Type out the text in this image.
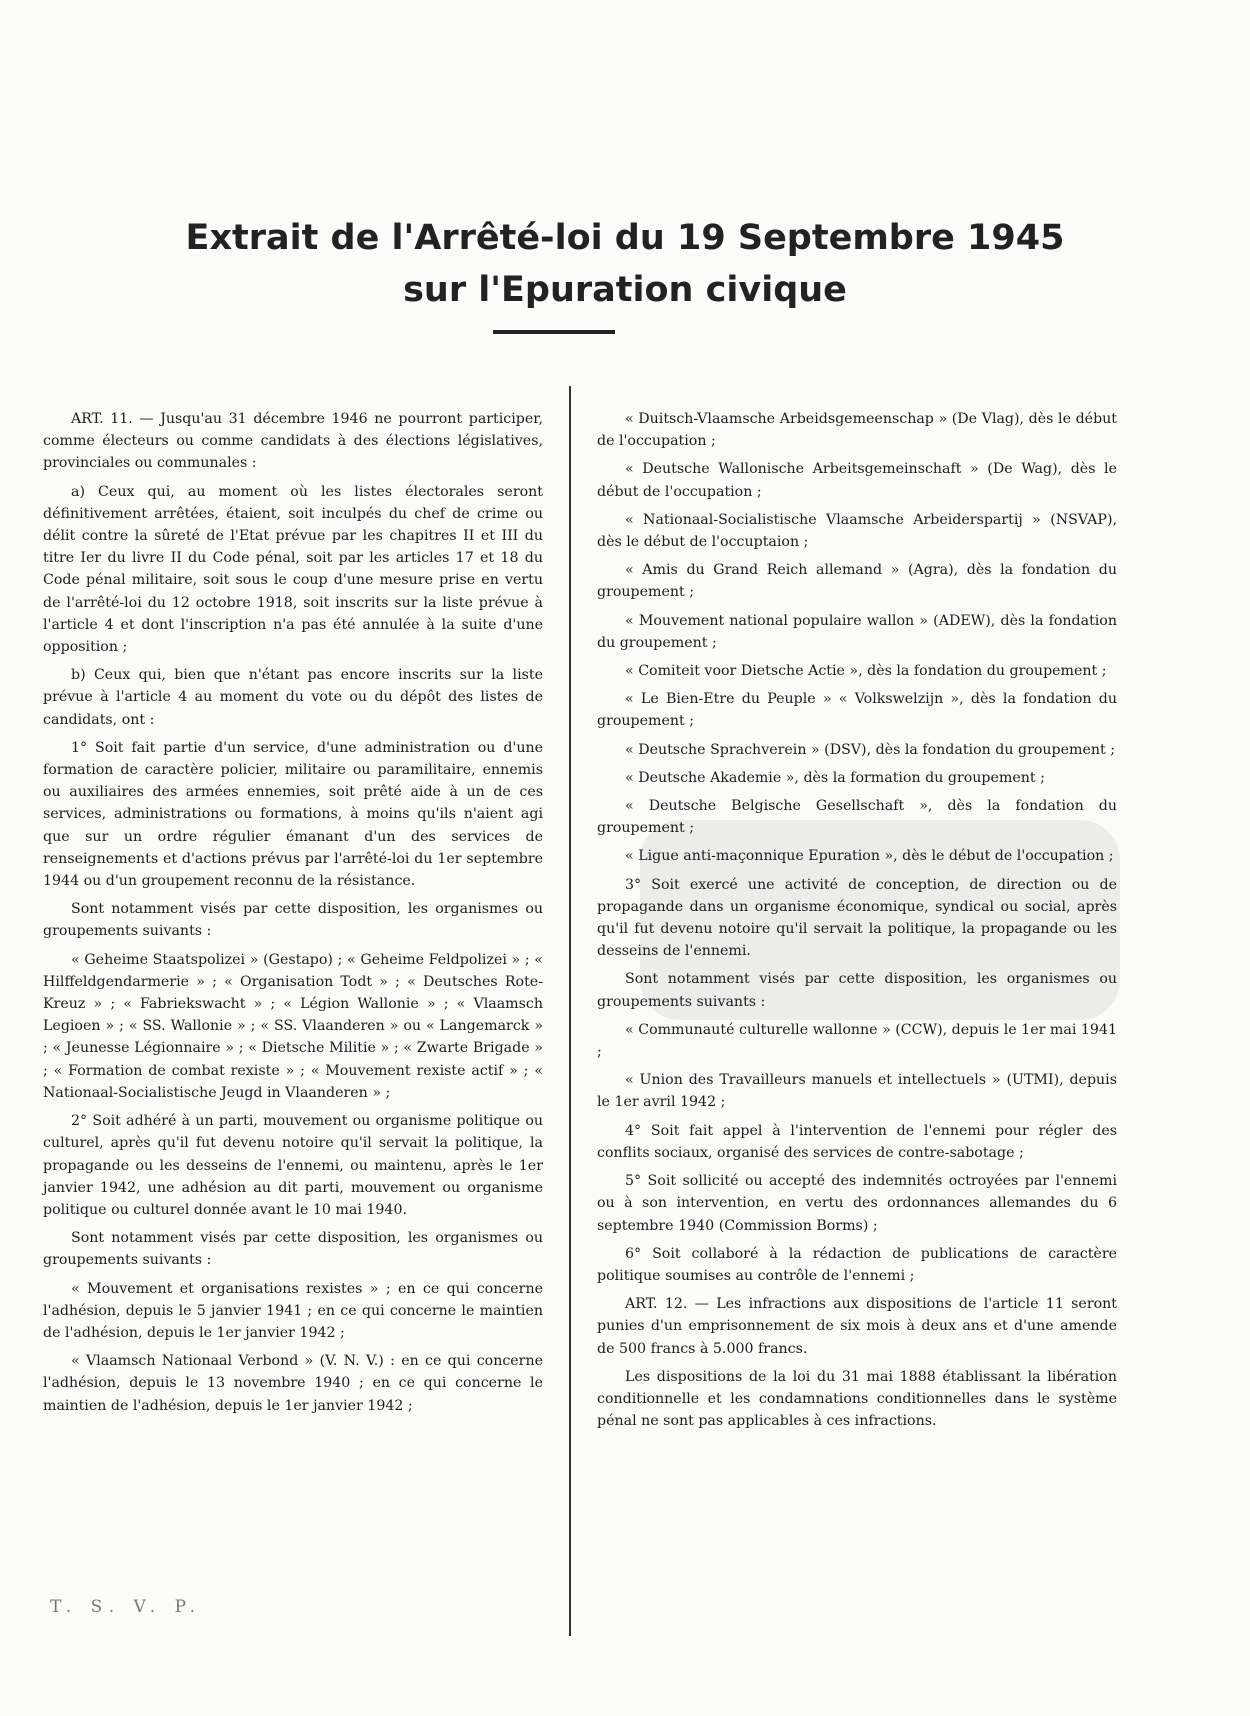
Extrait de l'Arrêté-loi du 19 Septembre 1945
sur l'Epuration civique

ART. 11. — Jusqu'au 31 décembre 1946 ne pourront participer, comme électeurs ou comme candidats à des élections législatives, provinciales ou communales :

a) Ceux qui, au moment où les listes électorales seront définitivement arrêtées, étaient, soit inculpés du chef de crime ou délit contre la sûreté de l'Etat prévue par les chapitres II et III du titre Ier du livre II du Code pénal, soit par les articles 17 et 18 du Code pénal militaire, soit sous le coup d'une mesure prise en vertu de l'arrêté-loi du 12 octobre 1918, soit inscrits sur la liste prévue à l'article 4 et dont l'inscription n'a pas été annulée à la suite d'une opposition ;

b) Ceux qui, bien que n'étant pas encore inscrits sur la liste prévue à l'article 4 au moment du vote ou du dépôt des listes de candidats, ont :

1° Soit fait partie d'un service, d'une administration ou d'une formation de caractère policier, militaire ou paramilitaire, ennemis ou auxiliaires des armées ennemies, soit prêté aide à un de ces services, administrations ou formations, à moins qu'ils n'aient agi que sur un ordre régulier émanant d'un des services de renseignements et d'actions prévus par l'arrêté-loi du 1er septembre 1944 ou d'un groupement reconnu de la résistance.

Sont notamment visés par cette disposition, les organismes ou groupements suivants :

« Geheime Staatspolizei » (Gestapo) ; « Geheime Feldpolizei » ; « Hilffeldgendarmerie » ; « Organisation Todt » ; « Deutsches Rote-Kreuz » ; « Fabriekswacht » ; « Légion Wallonie » ; « Vlaamsch Legioen » ; « SS. Wallonie » ; « SS. Vlaanderen » ou « Langemarck » ; « Jeunesse Légionnaire » ; « Dietsche Militie » ; « Zwarte Brigade » ; « Formation de combat rexiste » ; « Mouvement rexiste actif » ; « Nationaal-Socialistische Jeugd in Vlaanderen » ;

2° Soit adhéré à un parti, mouvement ou organisme politique ou culturel, après qu'il fut devenu notoire qu'il servait la politique, la propagande ou les desseins de l'ennemi, ou maintenu, après le 1er janvier 1942, une adhésion au dit parti, mouvement ou organisme politique ou culturel donnée avant le 10 mai 1940.

Sont notamment visés par cette disposition, les organismes ou groupements suivants :

« Mouvement et organisations rexistes » ; en ce qui concerne l'adhésion, depuis le 5 janvier 1941 ; en ce qui concerne le maintien de l'adhésion, depuis le 1er janvier 1942 ;

« Vlaamsch Nationaal Verbond » (V. N. V.) : en ce qui concerne l'adhésion, depuis le 13 novembre 1940 ; en ce qui concerne le maintien de l'adhésion, depuis le 1er janvier 1942 ;

« Duitsch-Vlaamsche Arbeidsgemeenschap » (De Vlag), dès le début de l'occupation ;

« Deutsche Wallonische Arbeitsgemeinschaft » (De Wag), dès le début de l'occupation ;

« Nationaal-Socialistische Vlaamsche Arbeiderspartij » (NSVAP), dès le début de l'occuptaion ;

« Amis du Grand Reich allemand » (Agra), dès la fondation du groupement ;

« Mouvement national populaire wallon » (ADEW), dès la fondation du groupement ;

« Comiteit voor Dietsche Actie », dès la fondation du groupement ;

« Le Bien-Etre du Peuple » « Volkswelzijn », dès la fondation du groupement ;

« Deutsche Sprachverein » (DSV), dès la fondation du groupement ;

« Deutsche Akademie », dès la formation du groupement ;

« Deutsche Belgische Gesellschaft », dès la fondation du groupement ;

« Ligue anti-maçonnique Epuration », dès le début de l'occupation ;

3° Soit exercé une activité de conception, de direction ou de propagande dans un organisme économique, syndical ou social, après qu'il fut devenu notoire qu'il servait la politique, la propagande ou les desseins de l'ennemi.

Sont notamment visés par cette disposition, les organismes ou groupements suivants :

« Communauté culturelle wallonne » (CCW), depuis le 1er mai 1941 ;

« Union des Travailleurs manuels et intellectuels » (UTMI), depuis le 1er avril 1942 ;

4° Soit fait appel à l'intervention de l'ennemi pour régler des conflits sociaux, organisé des services de contre-sabotage ;

5° Soit sollicité ou accepté des indemnités octroyées par l'ennemi ou à son intervention, en vertu des ordonnances allemandes du 6 septembre 1940 (Commission Borms) ;

6° Soit collaboré à la rédaction de publications de caractère politique soumises au contrôle de l'ennemi ;

ART. 12. — Les infractions aux dispositions de l'article 11 seront punies d'un emprisonnement de six mois à deux ans et d'une amende de 500 francs à 5.000 francs.

Les dispositions de la loi du 31 mai 1888 établissant la libération conditionnelle et les condamnations conditionnelles dans le système pénal ne sont pas applicables à ces infractions.

T. S. V. P.
